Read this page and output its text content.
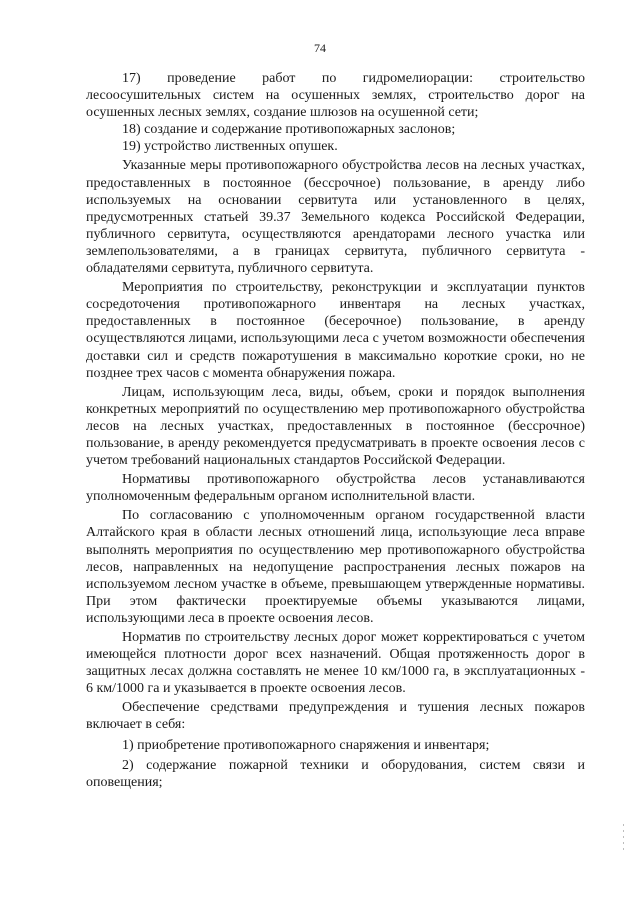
74

17) проведение работ по гидромелиорации: строительство лесоосушительных систем на осушенных землях, строительство дорог на осушенных лесных землях, создание шлюзов на осушенной сети;

18) создание и содержание противопожарных заслонов;

19) устройство лиственных опушек.

Указанные меры противопожарного обустройства лесов на лесных участках, предоставленных в постоянное (бессрочное) пользование, в аренду либо используемых на основании сервитута или установленного в целях, предусмотренных статьей 39.37 Земельного кодекса Российской Федерации, публичного сервитута, осуществляются арендаторами лесного участка или землепользователями, а в границах сервитута, публичного сервитута - обладателями сервитута, публичного сервитута.

Мероприятия по строительству, реконструкции и эксплуатации пунктов сосредоточения противопожарного инвентаря на лесных участках, предоставленных в постоянное (бесерочное) пользование, в аренду осуществляются лицами, использующими леса с учетом возможности обеспечения доставки сил и средств пожаротушения в максимально короткие сроки, но не позднее трех часов с момента обнаружения пожара.

Лицам, использующим леса, виды, объем, сроки и порядок выполнения конкретных мероприятий по осуществлению мер противопожарного обустройства лесов на лесных участках, предоставленных в постоянное (бессрочное) пользование, в аренду рекомендуется предусматривать в проекте освоения лесов с учетом требований национальных стандартов Российской Федерации.

Нормативы противопожарного обустройства лесов устанавливаются уполномоченным федеральным органом исполнительной власти.

По согласованию с уполномоченным органом государственной власти Алтайского края в области лесных отношений лица, использующие леса вправе выполнять мероприятия по осуществлению мер противопожарного обустройства лесов, направленных на недопущение распространения лесных пожаров на используемом лесном участке в объеме, превышающем утвержденные нормативы. При этом фактически проектируемые объемы указываются лицами, использующими леса в проекте освоения лесов.

Норматив по строительству лесных дорог может корректироваться с учетом имеющейся плотности дорог всех назначений. Общая протяженность дорог в защитных лесах должна составлять не менее 10 км/1000 га, в эксплуатационных - 6 км/1000 га и указывается в проекте освоения лесов.

Обеспечение средствами предупреждения и тушения лесных пожаров включает в себя:

1) приобретение противопожарного снаряжения и инвентаря;

2) содержание пожарной техники и оборудования, систем связи и оповещения;
